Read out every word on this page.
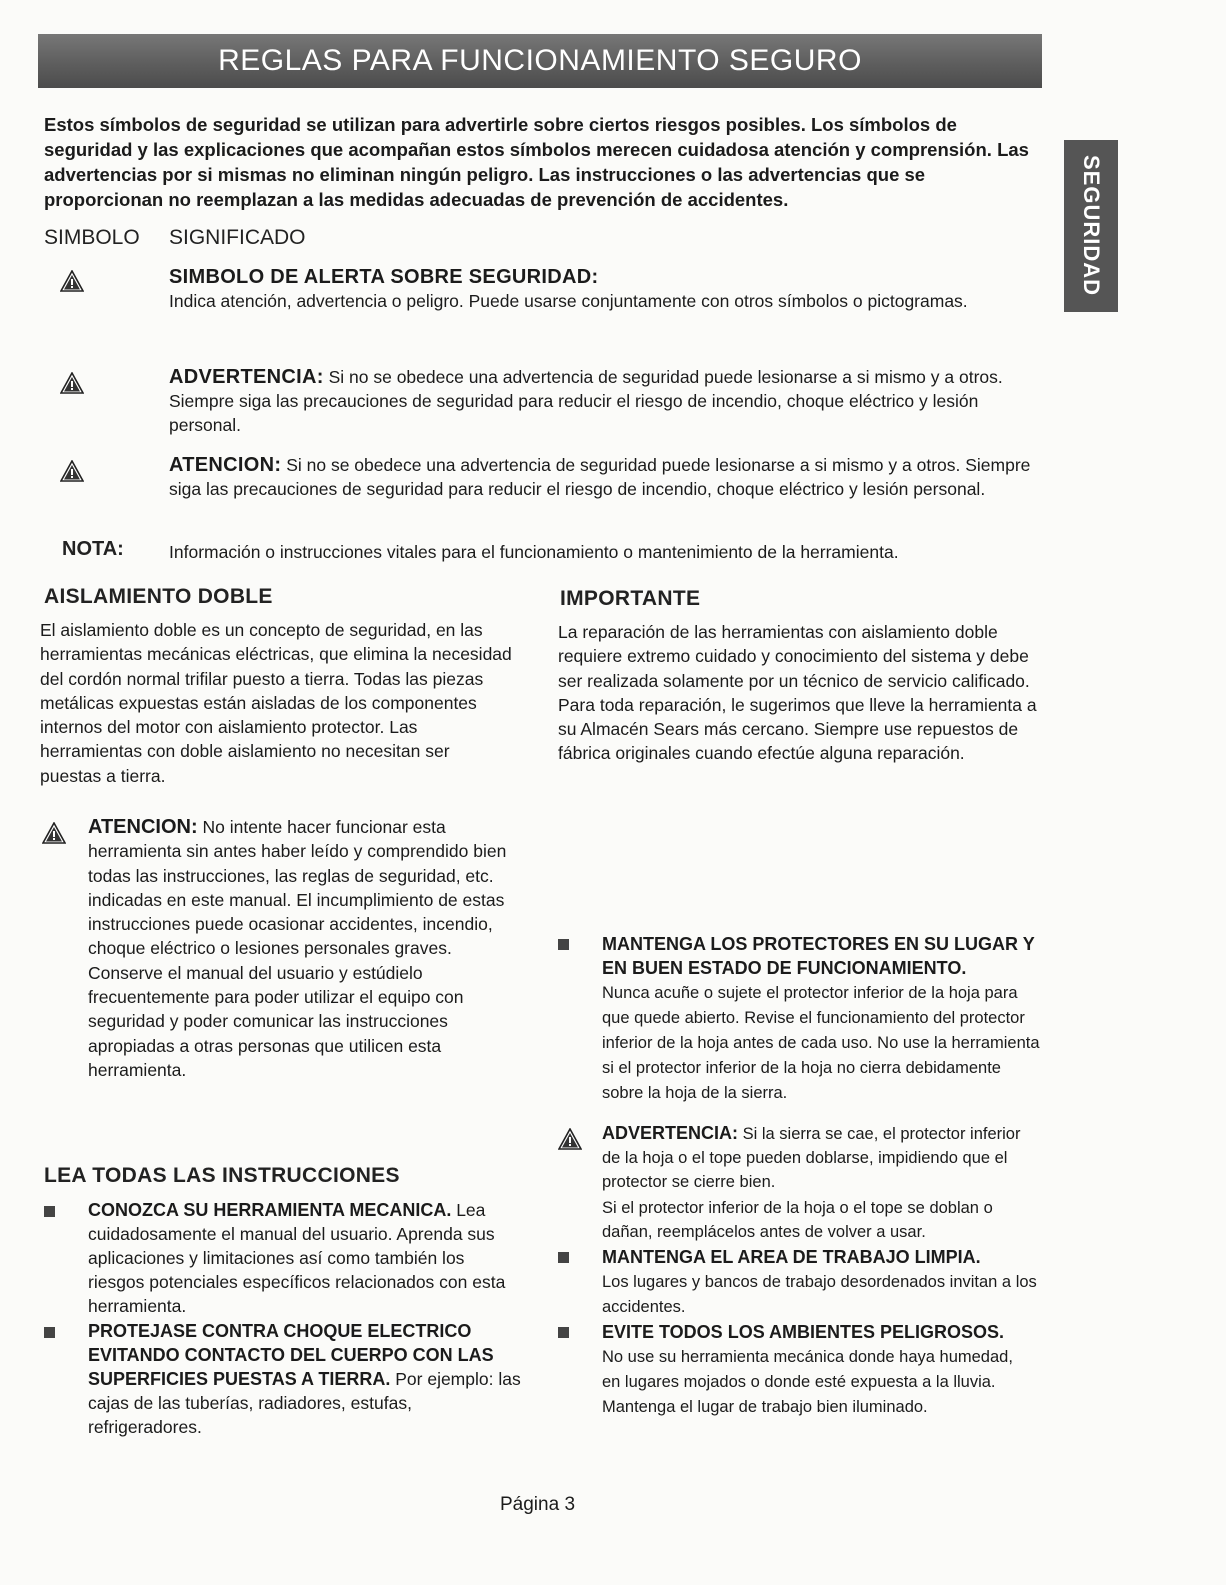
REGLAS PARA FUNCIONAMIENTO SEGURO
SEGURIDAD
Estos símbolos de seguridad se utilizan para advertirle sobre ciertos riesgos posibles. Los símbolos de seguridad y las explicaciones que acompañan estos símbolos merecen cuidadosa atención y comprensión. Las advertencias por si mismas no eliminan ningún peligro. Las instrucciones o las advertencias que se proporcionan no reemplazan a las medidas adecuadas de prevención de accidentes.
SIMBOLO SIGNIFICADO
SIMBOLO DE ALERTA SOBRE SEGURIDAD:
Indica atención, advertencia o peligro. Puede usarse conjuntamente con otros símbolos o pictogramas.
ADVERTENCIA: Si no se obedece una advertencia de seguridad puede lesionarse a si mismo y a otros. Siempre siga las precauciones de seguridad para reducir el riesgo de incendio, choque eléctrico y lesión personal.
ATENCION: Si no se obedece una advertencia de seguridad puede lesionarse a si mismo y a otros. Siempre siga las precauciones de seguridad para reducir el riesgo de incendio, choque eléctrico y lesión personal.
NOTA:	Información o instrucciones vitales para el funcionamiento o mantenimiento de la herramienta.
AISLAMIENTO DOBLE
El aislamiento doble es un concepto de seguridad, en las herramientas mecánicas eléctricas, que elimina la necesidad del cordón normal trifilar puesto a tierra. Todas las piezas metálicas expuestas están aisladas de los componentes internos del motor con aislamiento protector. Las herramientas con doble aislamiento no necesitan ser puestas a tierra.
IMPORTANTE
La reparación de las herramientas con aislamiento doble requiere extremo cuidado y conocimiento del sistema y debe ser realizada solamente por un técnico de servicio calificado. Para toda reparación, le sugerimos que lleve la herramienta a su Almacén Sears más cercano. Siempre use repuestos de fábrica originales cuando efectúe alguna reparación.
ATENCION: No intente hacer funcionar esta herramienta sin antes haber leído y comprendido bien todas las instrucciones, las reglas de seguridad, etc. indicadas en este manual. El incumplimiento de estas instrucciones puede ocasionar accidentes, incendio, choque eléctrico o lesiones personales graves. Conserve el manual del usuario y estúdielo frecuentemente para poder utilizar el equipo con seguridad y poder comunicar las instrucciones apropiadas a otras personas que utilicen esta herramienta.
LEA TODAS LAS INSTRUCCIONES
CONOZCA SU HERRAMIENTA MECANICA. Lea cuidadosamente el manual del usuario. Aprenda sus aplicaciones y limitaciones así como también los riesgos potenciales específicos relacionados con esta herramienta.
PROTEJASE CONTRA CHOQUE ELECTRICO EVITANDO CONTACTO DEL CUERPO CON LAS SUPERFICIES PUESTAS A TIERRA. Por ejemplo: las cajas de las tuberías, radiadores, estufas, refrigeradores.
MANTENGA LOS PROTECTORES EN SU LUGAR Y EN BUEN ESTADO DE FUNCIONAMIENTO.
Nunca acuñe o sujete el protector inferior de la hoja para que quede abierto. Revise el funcionamiento del protector inferior de la hoja antes de cada uso. No use la herramienta si el protector inferior de la hoja no cierra debidamente sobre la hoja de la sierra.
ADVERTENCIA: Si la sierra se cae, el protector inferior de la hoja o el tope pueden doblarse, impidiendo que el protector se cierre bien.
Si el protector inferior de la hoja o el tope se doblan o dañan, reemplácelos antes de volver a usar.
MANTENGA EL AREA DE TRABAJO LIMPIA.
Los lugares y bancos de trabajo desordenados invitan a los accidentes.
EVITE TODOS LOS AMBIENTES PELIGROSOS.
No use su herramienta mecánica donde haya humedad, en lugares mojados o donde esté expuesta a la lluvia. Mantenga el lugar de trabajo bien iluminado.
Página 3
